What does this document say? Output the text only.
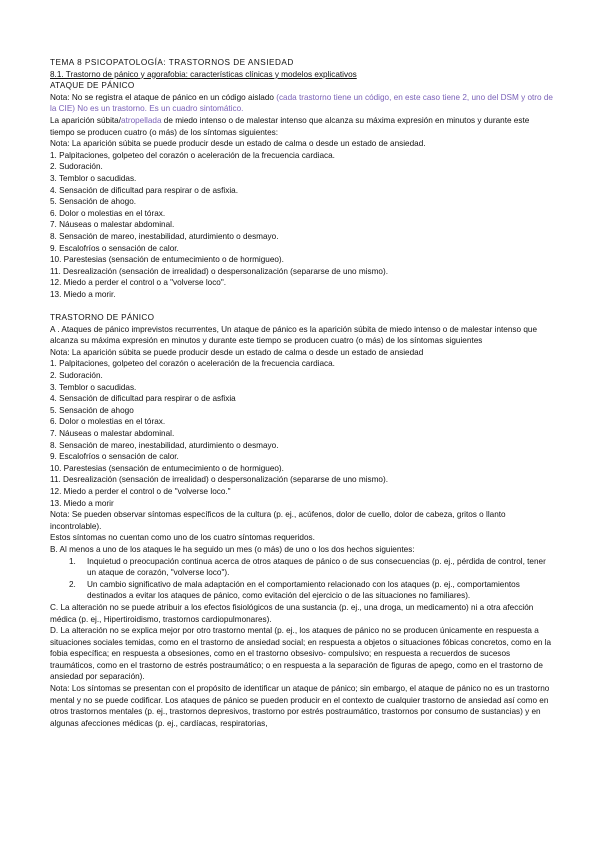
TEMA 8 PSICOPATOLOGÍA: TRASTORNOS DE ANSIEDAD

8.1. Trastorno de pánico y agorafobia: características clínicas y modelos explicativos

ATAQUE DE PÁNICO

Nota: No se registra el ataque de pánico en un código aislado (cada trastorno tiene un código, en este caso tiene 2, uno del DSM y otro de la CIE) No es un trastorno. Es un cuadro sintomático.

La aparición súbita/atropellada de miedo intenso o de malestar intenso que alcanza su máxima expresión en minutos y durante este tiempo se producen cuatro (o más) de los síntomas siguientes:

Nota: La aparición súbita se puede producir desde un estado de calma o desde un estado de ansiedad.

1. Palpitaciones, golpeteo del corazón o aceleración de la frecuencia cardiaca.

2. Sudoración.

3. Temblor o sacudidas.

4. Sensación de dificultad para respirar o de asfixia.

5. Sensación de ahogo.

6. Dolor o molestias en el tórax.

7. Náuseas o malestar abdominal.

8. Sensación de mareo, inestabilidad, aturdimiento o desmayo.

9. Escalofríos o sensación de calor.

10. Parestesias (sensación de entumecimiento o de hormigueo).

11. Desrealización (sensación de irrealidad) o despersonalización (separarse de uno mismo).

12. Miedo a perder el control o a "volverse loco".

13. Miedo a morir.

TRASTORNO DE PÁNICO

A . Ataques de pánico imprevistos recurrentes, Un ataque de pánico es la aparición súbita de miedo intenso o de malestar intenso que alcanza su máxima expresión en minutos y durante este tiempo se producen cuatro (o más) de los síntomas siguientes

Nota: La aparición súbita se puede producir desde un estado de calma o desde un estado de ansiedad

1. Palpitaciones, golpeteo del corazón o aceleración de la frecuencia cardiaca.

2. Sudoración.

3. Temblor o sacudidas.

4. Sensación de dificultad para respirar o de asfixia

5. Sensación de ahogo

6. Dolor o molestias en el tórax.

7. Náuseas o malestar abdominal.

8. Sensación de mareo, inestabilidad, aturdimiento o desmayo.

9. Escalofríos o sensación de calor.

10. Parestesias (sensación de entumecimiento o de hormigueo).

11. Desrealización (sensación de irrealidad) o despersonalización (separarse de uno mismo).

12. Miedo a perder el control o de "volverse loco."

13. Miedo a morir

Nota: Se pueden observar síntomas específicos de la cultura (p. ej., acúfenos, dolor de cuello, dolor de cabeza, gritos o llanto incontrolable).

Estos síntomas no cuentan como uno de los cuatro síntomas requeridos.

B. Al menos a uno de los ataques le ha seguido un mes (o más) de uno o los dos hechos siguientes:

1.	Inquietud o preocupación continua acerca de otros ataques de pánico o de sus consecuencias (p. ej., pérdida de control, tener un ataque de corazón, "volverse loco").
2.	Un cambio significativo de mala adaptación en el comportamiento relacionado con los ataques (p. ej., comportamientos destinados a evitar los ataques de pánico, como evitación del ejercicio o de las situaciones no familiares).

C. La alteración no se puede atribuir a los efectos fisiológicos de una sustancia (p. ej., una droga, un medicamento) ni a otra afección médica (p. ej., Hipertiroidismo, trastornos cardiopulmonares).

D. La alteración no se explica mejor por otro trastorno mental (p. ej., los ataques de pánico no se producen únicamente en respuesta a situaciones sociales temidas, como en el trastorno de ansiedad social; en respuesta a objetos o situaciones fóbicas concretos, como en la fobia específica; en respuesta a obsesiones, como en el trastorno obsesivo- compulsivo; en respuesta a recuerdos de sucesos traumáticos, como en el trastorno de estrés postraumático; o en respuesta a la separación de figuras de apego, como en el trastorno de ansiedad por separación).

Nota: Los síntomas se presentan con el propósito de identificar un ataque de pánico; sin embargo, el ataque de pánico no es un trastorno mental y no se puede codificar. Los ataques de pánico se pueden producir en el contexto de cualquier trastorno de ansiedad así como en otros trastornos mentales (p. ej., trastornos depresivos, trastorno por estrés postraumático, trastornos por consumo de sustancias) y en algunas afecciones médicas (p. ej., cardíacas, respiratorias,
